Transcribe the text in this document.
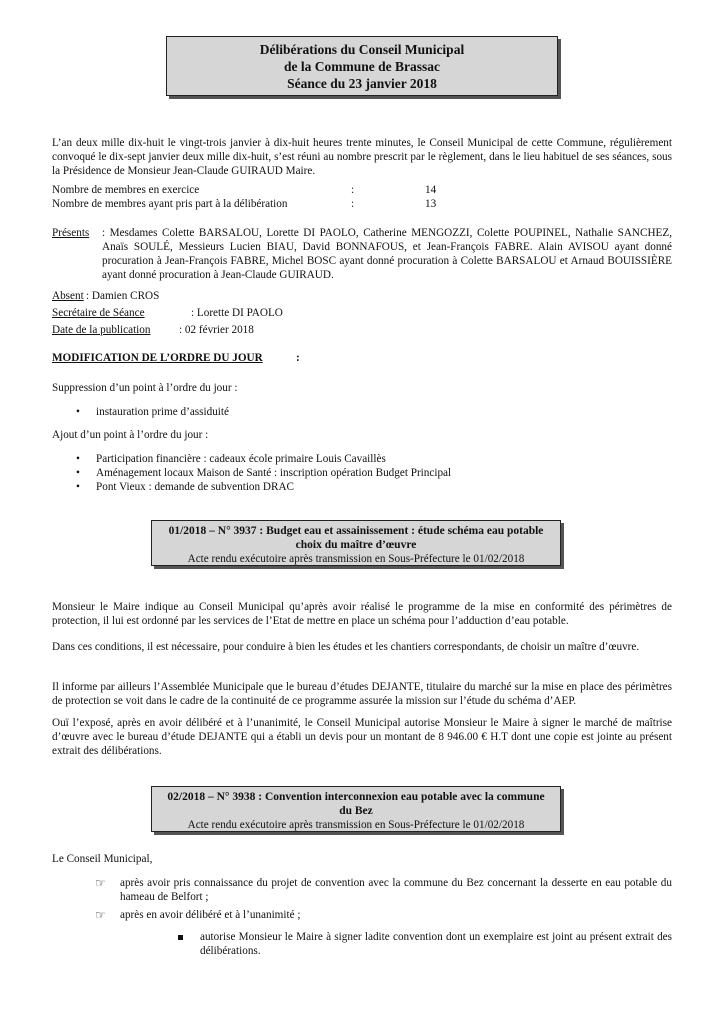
Délibérations du Conseil Municipal
de la Commune de Brassac
Séance du 23 janvier 2018
L’an deux mille dix-huit le vingt-trois janvier à dix-huit heures trente minutes, le Conseil Municipal de cette Commune, régulièrement convoqué le dix-sept janvier deux mille dix-huit, s’est réuni au nombre prescrit par le règlement, dans le lieu habituel de ses séances, sous la Présidence de Monsieur Jean-Claude GUIRAUD Maire.
Nombre de membres en exercice	:	14
Nombre de membres ayant pris part à la délibération	:	13
Présents	: Mesdames Colette BARSALOU, Lorette DI PAOLO, Catherine MENGOZZI, Colette POUPINEL, Nathalie SANCHEZ, Anaïs SOULÉ, Messieurs Lucien BIAU, David BONNAFOUS, et Jean-François FABRE. Alain AVISOU ayant donné procuration à Jean-François FABRE, Michel BOSC ayant donné procuration à Colette BARSALOU et Arnaud BOUISSIÈRE ayant donné procuration à Jean-Claude GUIRAUD.
Absent : Damien CROS
Secrétaire de Séance	: Lorette DI PAOLO
Date de la publication	: 02 février 2018
MODIFICATION DE L’ORDRE DU JOUR	:
Suppression d’un point à l’ordre du jour :
• instauration prime d’assiduité
Ajout d’un point à l’ordre du jour :
• Participation financière : cadeaux école primaire Louis Cavaillès
• Aménagement locaux Maison de Santé : inscription opération Budget Principal
• Pont Vieux : demande de subvention DRAC
01/2018 – N° 3937 : Budget eau et assainissement : étude schéma eau potable
choix du maître d’œuvre
Acte rendu exécutoire après transmission en Sous-Préfecture le 01/02/2018
Monsieur le Maire indique au Conseil Municipal qu’après avoir réalisé le programme de la mise en conformité des périmètres de protection, il lui est ordonné par les services de l’Etat de mettre en place un schéma pour l’adduction d’eau potable.
Dans ces conditions, il est nécessaire, pour conduire à bien les études et les chantiers correspondants, de choisir un maître d’œuvre.
Il informe par ailleurs l’Assemblée Municipale que le bureau d’études DEJANTE, titulaire du marché sur la mise en place des périmètres de protection se voit dans le cadre de la continuité de ce programme assurée la mission sur l’étude du schéma d’AEP.
Ouï l’exposé, après en avoir délibéré et à l’unanimité, le Conseil Municipal autorise Monsieur le Maire à signer le marché de maîtrise d’œuvre avec le bureau d’étude DEJANTE qui a établi un devis pour un montant de 8 946.00 € H.T dont une copie est jointe au présent extrait des délibérations.
02/2018 – N° 3938 : Convention interconnexion eau potable avec la commune
du Bez
Acte rendu exécutoire après transmission en Sous-Préfecture le 01/02/2018
Le Conseil Municipal,
☞ après avoir pris connaissance du projet de convention avec la commune du Bez concernant la desserte en eau potable du hameau de Belfort ;
☞ après en avoir délibéré et à l’unanimité ;
autorise Monsieur le Maire à signer ladite convention dont un exemplaire est joint au présent extrait des délibérations.
